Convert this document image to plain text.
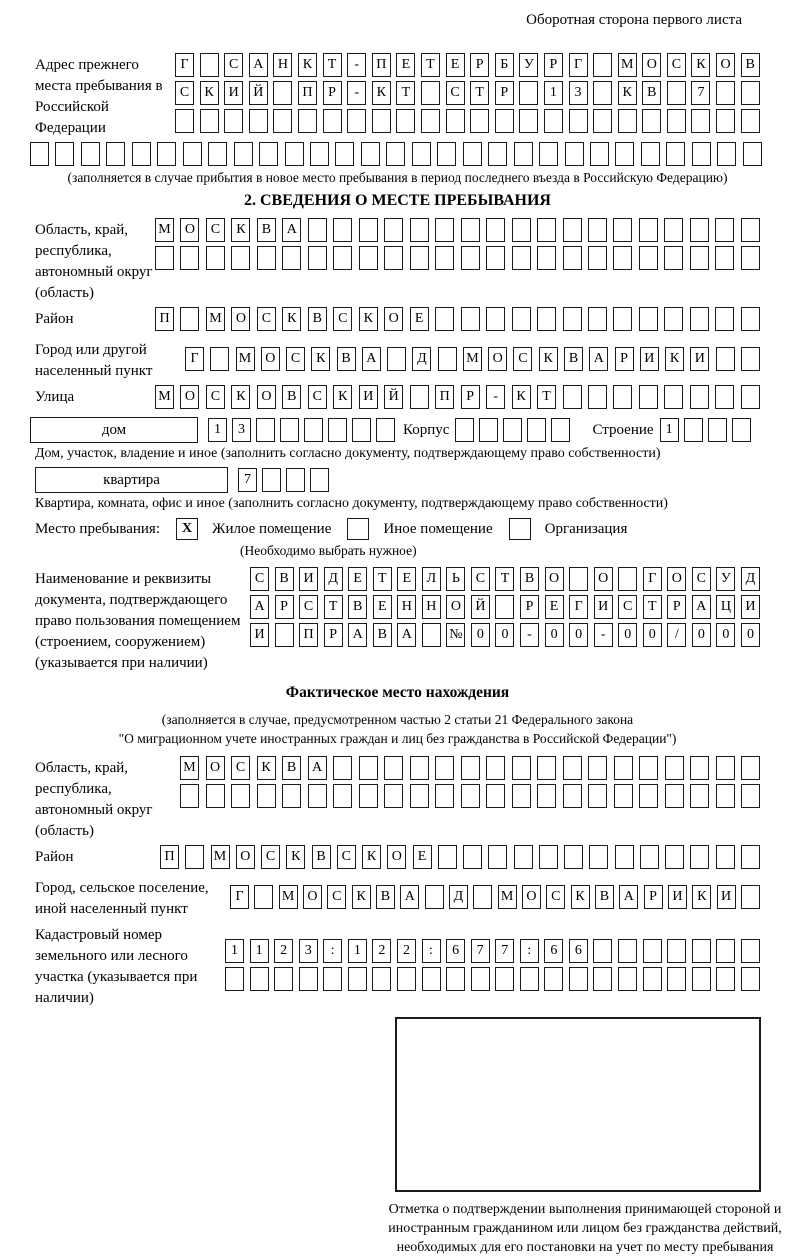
Оборотная сторона первого листа
Адрес прежнего места пребывания в Российской Федерации
Г	С	А	Н	К	Т	-	П	Е	Т	Е	Р	Б	У	Р	Г	М О	С	К	О	В
С	К	И	Й	П	Р	-	К	Т	С	Т	Р	1	3	К	В	7
(заполняется в случае прибытия в новое место пребывания в период последнего въезда в Российскую Федерацию)
2. СВЕДЕНИЯ О МЕСТЕ ПРЕБЫВАНИЯ
Область, край, республика, автономный округ (область)
М	О	С	К	В	А
Район	П	М	О	С	К	В	С	К	О	Е
Город или другой населенный пункт
Г	М О	С	К	В	А	Д	М О	С	К	В	А	Р	И	К	И
Улица	М	О	С	К	О	В	С	К	И	Й	П	Р	-	К	Т
дом	1	3	Корпус	Строение 1
Дом, участок, владение и иное (заполнить согласно документу, подтверждающему право собственности)
квартира	7
Квартира, комната, офис и иное (заполнить согласно документу, подтверждающему право собственности)
Место пребывания:	X	Жилое помещение	Иное помещение	Организация
(Необходимо выбрать нужное)
Наименование и реквизиты документа, подтверждающего право пользования помещением (строением, сооружением) (указывается при наличии)
С	В	И	Д	Е	Т	Е	Л	Ь	С	Т	В	О	О	Г	О	С	У	Д
А	Р	С	Т	В	Е	Н	Н	О	Й	Р	Е	Г	И	С	Т	Р	А	Ц	И
И	П	Р	А	В	А	№	0	0	-	0	0	-	0	0	/	0	0	0
Фактическое место нахождения
(заполняется в случае, предусмотренном частью 2 статьи 21 Федерального закона
"О миграционном учете иностранных граждан и лиц без гражданства в Российской Федерации")
Область, край, республика, автономный округ (область)
М	О	С	К	В	А
Район	П	М О	С	К	В	С	К	О	Е
Город, сельское поселение, иной населенный пункт
Г	М О	С	К	В	А	Д	М О	С	К	В	А	Р	И	К	И
Кадастровый номер земельного или лесного участка (указывается при наличии)
1	1	2	3	:	1	2	2	:	6	7	7	:	6	6
Отметка о подтверждении выполнения принимающей стороной и иностранным гражданином или лицом без гражданства действий, необходимых для его постановки на учет по месту пребывания
